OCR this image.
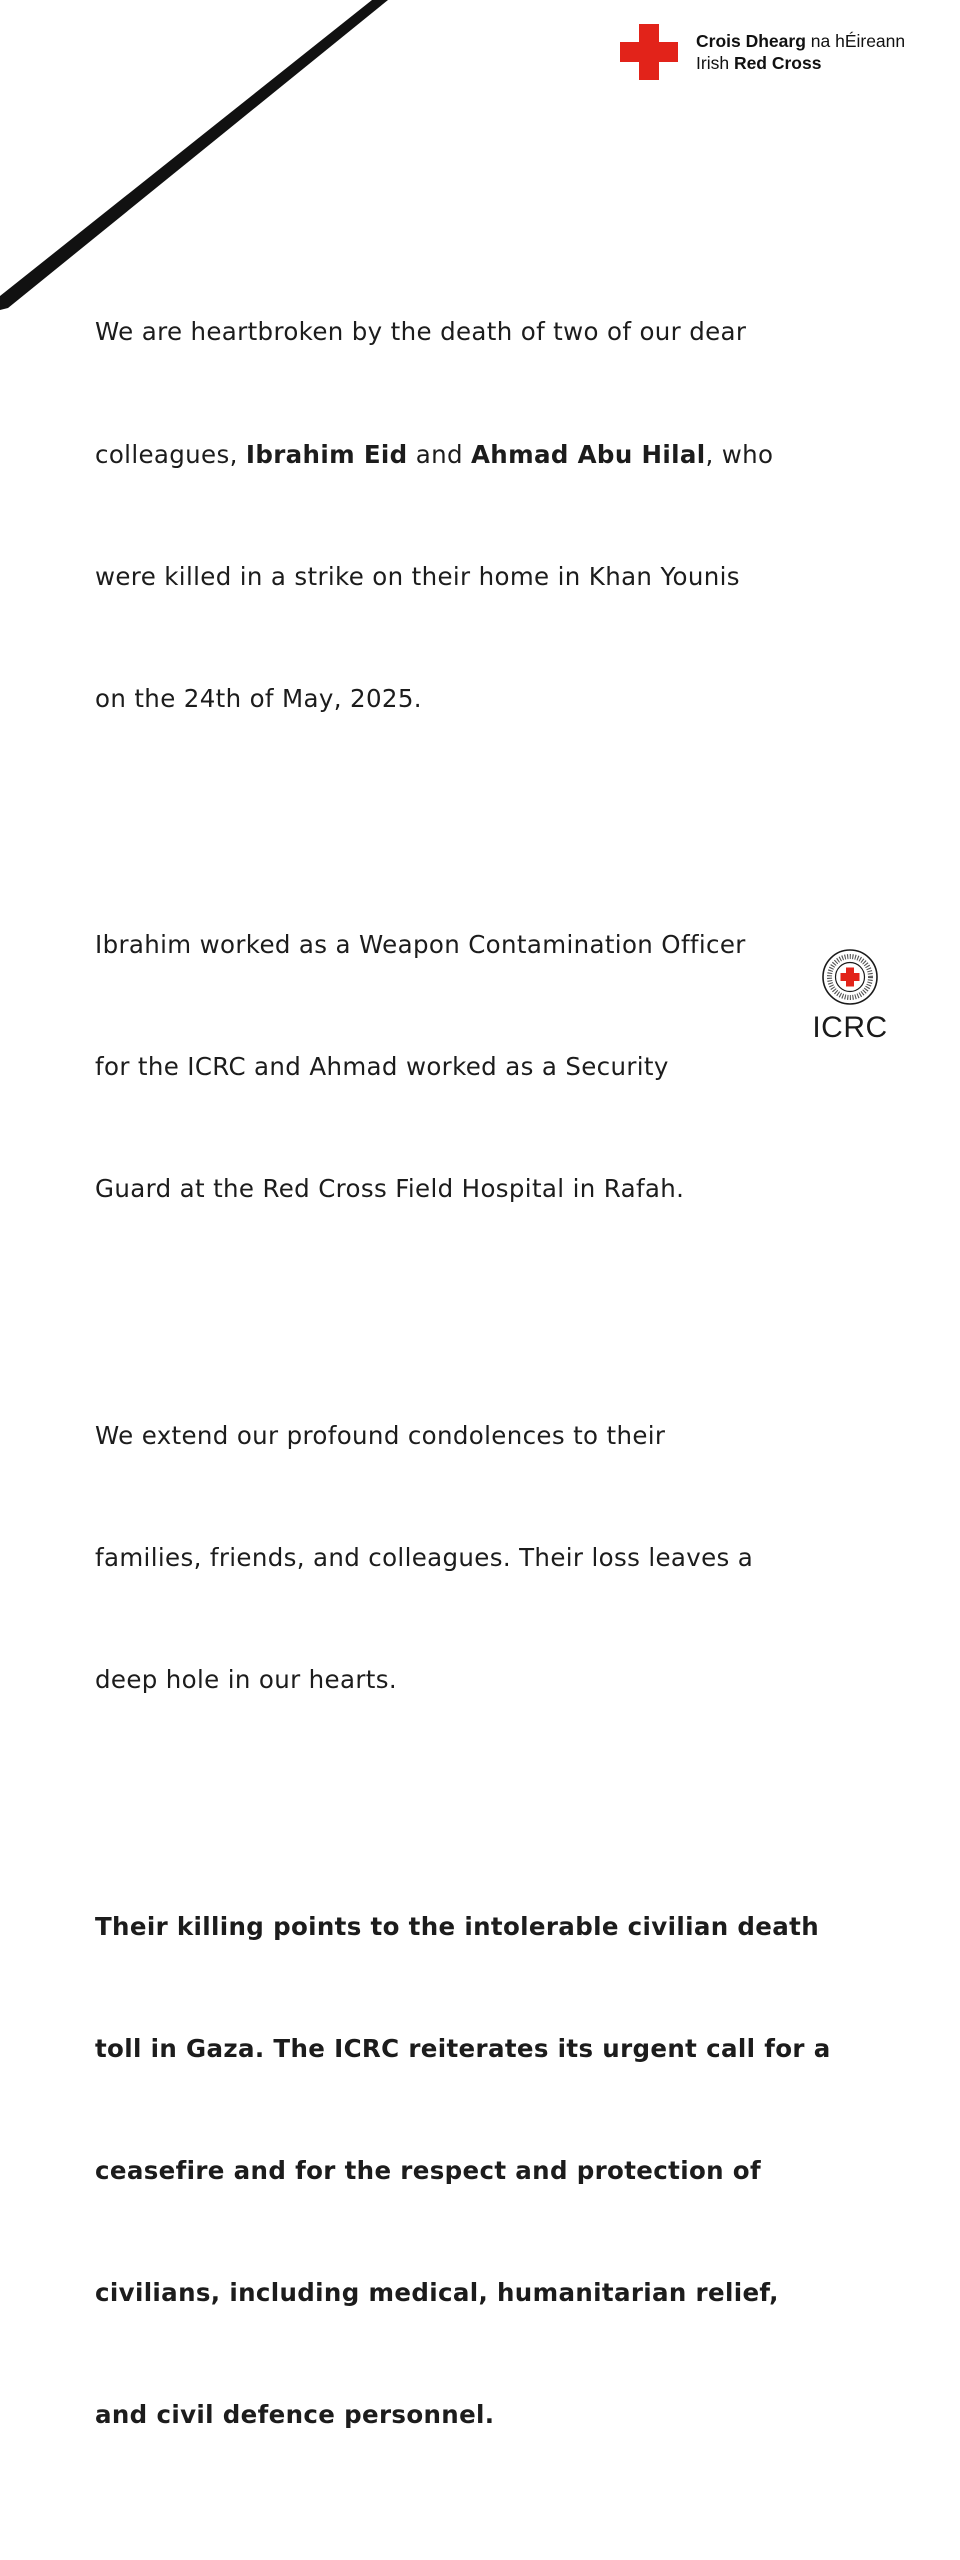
Crois Dhearg na hÉireann
Irish Red Cross

We are heartbroken by the death of two of our dear

colleagues, Ibrahim Eid and Ahmad Abu Hilal, who

were killed in a strike on their home in Khan Younis

on the 24th of May, 2025.

Ibrahim worked as a Weapon Contamination Officer

for the ICRC and Ahmad worked as a Security

Guard at the Red Cross Field Hospital in Rafah.

We extend our profound condolences to their

families, friends, and colleagues. Their loss leaves a

deep hole in our hearts.

Their killing points to the intolerable civilian death

toll in Gaza. The ICRC reiterates its urgent call for a

ceasefire and for the respect and protection of

civilians, including medical, humanitarian relief,

and civil defence personnel.

ICRC
